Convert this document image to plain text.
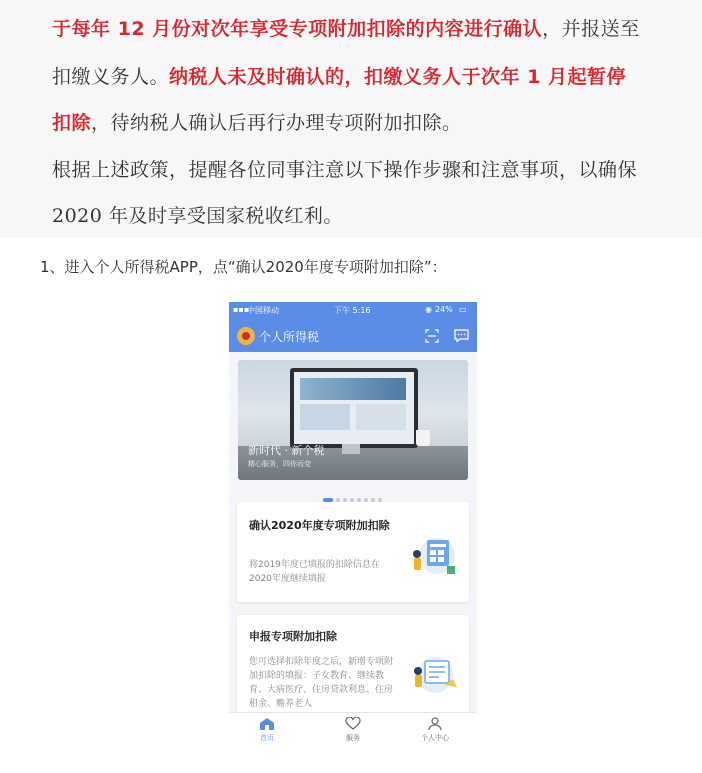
于每年 12 月份对次年享受专项附加扣除的内容进行确认，并报送至
扣缴义务人。纳税人未及时确认的，扣缴义务人于次年 1 月起暂停
扣除，待纳税人确认后再行办理专项附加扣除。
根据上述政策，提醒各位同事注意以下操作步骤和注意事项，以确保
2020 年及时享受国家税收红利。
1、进入个人所得税APP，点“确认2020年度专项附加扣除”：
▪▪▪
中国移动	下午 5:16	◉ 24% ▭
个人所得税
新时代 · 新个税
精心服务，四你而变
确认2020年度专项附加扣除
将2019年度已填报的扣除信息在2020年度继续填报
申报专项附加扣除
您可选择扣除年度之后，新增专项附加扣除的填报：子女教育、继续教育、大病医疗、住房贷款利息、住房租金、赡养老人
首页	服务	个人中心
